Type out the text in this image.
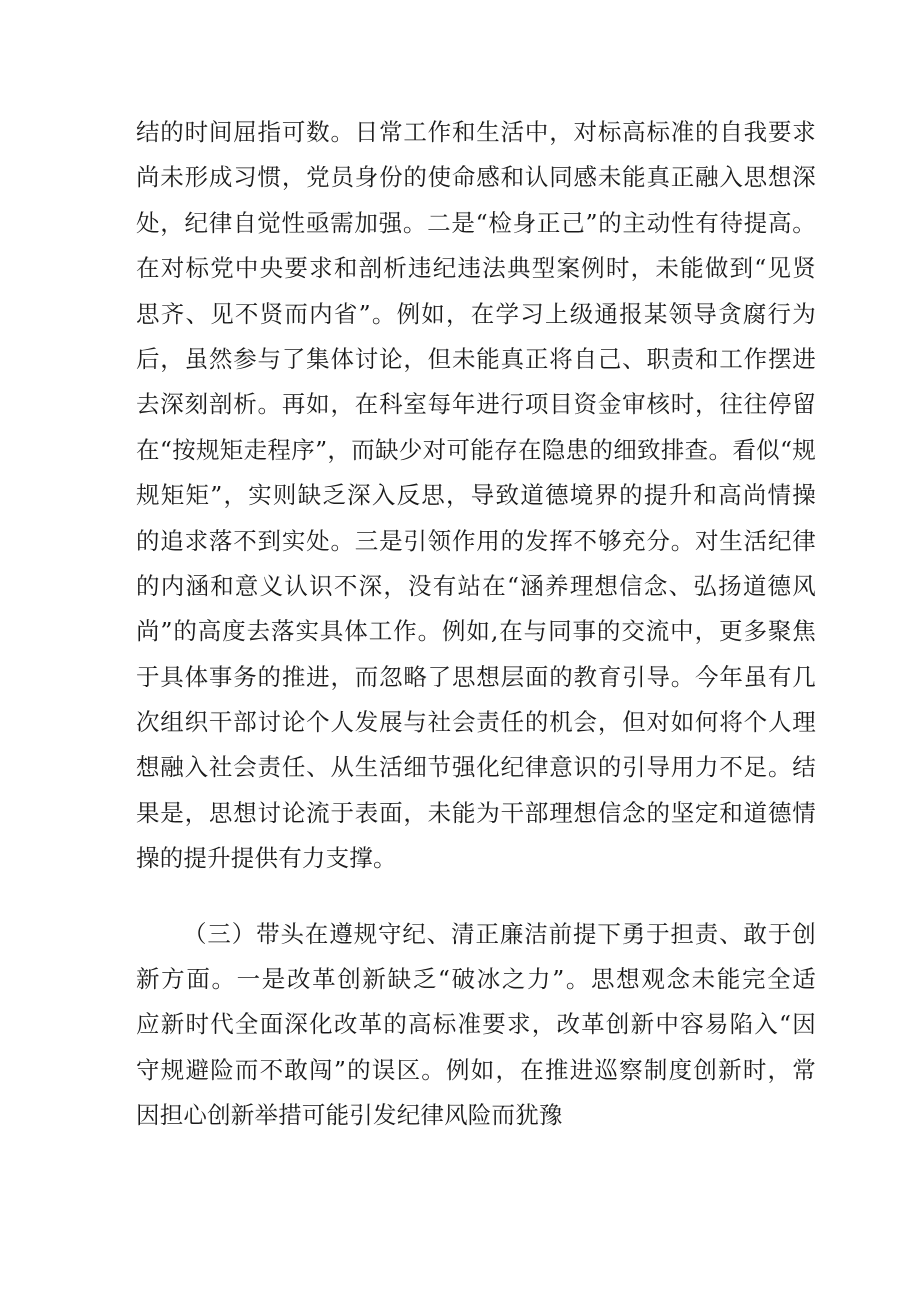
结的时间屈指可数。日常工作和生活中，对标高标准的自我要求
尚未形成习惯，党员身份的使命感和认同感未能真正融入思想深
处，纪律自觉性亟需加强。二是“检身正己”的主动性有待提高。
在对标党中央要求和剖析违纪违法典型案例时，未能做到“见贤
思齐、见不贤而内省”。例如，在学习上级通报某领导贪腐行为
后，虽然参与了集体讨论，但未能真正将自己、职责和工作摆进
去深刻剖析。再如，在科室每年进行项目资金审核时，往往停留
在“按规矩走程序”，而缺少对可能存在隐患的细致排查。看似“规
规矩矩”，实则缺乏深入反思，导致道德境界的提升和高尚情操
的追求落不到实处。三是引领作用的发挥不够充分。对生活纪律
的内涵和意义认识不深，没有站在“涵养理想信念、弘扬道德风
尚”的高度去落实具体工作。例如,在与同事的交流中，更多聚焦
于具体事务的推进，而忽略了思想层面的教育引导。今年虽有几
次组织干部讨论个人发展与社会责任的机会，但对如何将个人理
想融入社会责任、从生活细节强化纪律意识的引导用力不足。结
果是，思想讨论流于表面，未能为干部理想信念的坚定和道德情
操的提升提供有力支撑。
（三）带头在遵规守纪、清正廉洁前提下勇于担责、敢于创
新方面。一是改革创新缺乏“破冰之力”。思想观念未能完全适
应新时代全面深化改革的高标准要求，改革创新中容易陷入“因
守规避险而不敢闯”的误区。例如，在推进巡察制度创新时，常
因担心创新举措可能引发纪律风险而犹豫
